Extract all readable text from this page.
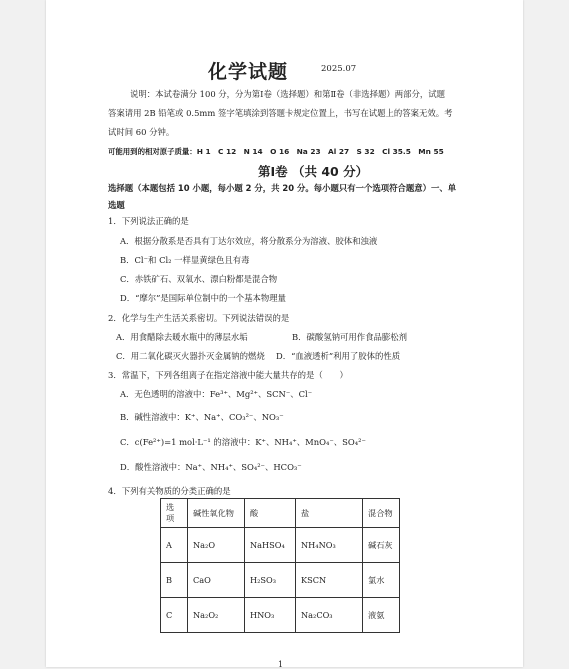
化学试题	2025.07
说明：本试卷满分 100 分，分为第Ⅰ卷（选择题）和第Ⅱ卷（非选择题）两部分，试题
答案请用 2B 铅笔或 0.5mm 签字笔填涂到答题卡规定位置上，书写在试题上的答案无效。考
试时间 60 分钟。
可能用到的相对原子质量：H 1　C 12　N 14　O 16　Na 23　Al 27　S 32　Cl 35.5　Mn 55
第Ⅰ卷 （共 40 分）
选择题（本题包括 10 小题，每小题 2 分，共 20 分。每小题只有一个选项符合题意）一、单
选题
1．下列说法正确的是
A．根据分散系是否具有丁达尔效应，将分散系分为溶液、胶体和浊液
B．Cl⁻和 Cl₂ 一样显黄绿色且有毒
C．赤铁矿石、双氧水、漂白粉都是混合物
D．“摩尔”是国际单位制中的一个基本物理量
2．化学与生产生活关系密切。下列说法错误的是
A．用食醋除去暖水瓶中的薄层水垢	B．碳酸氢钠可用作食品膨松剂
C．用二氧化碳灭火器扑灭金属钠的燃烧 D．“血液透析”利用了胶体的性质
3．常温下，下列各组离子在指定溶液中能大量共存的是（　　）
A．无色透明的溶液中：Fe³⁺、Mg²⁺、SCN⁻、Cl⁻
B．碱性溶液中：K⁺、Na⁺、CO₃²⁻、NO₃⁻
C．c(Fe²⁺)=1 mol·L⁻¹ 的溶液中：K⁺、NH₄⁺、MnO₄⁻、SO₄²⁻
D．酸性溶液中：Na⁺、NH₄⁺、SO₄²⁻、HCO₃⁻
4．下列有关物质的分类正确的是
选项	碱性氧化物	酸	盐	混合物
A	Na₂O	NaHSO₄	NH₄NO₃	碱石灰
B	CaO	H₂SO₃	KSCN	氯水
C	Na₂O₂	HNO₃	Na₂CO₃	液氨
1
